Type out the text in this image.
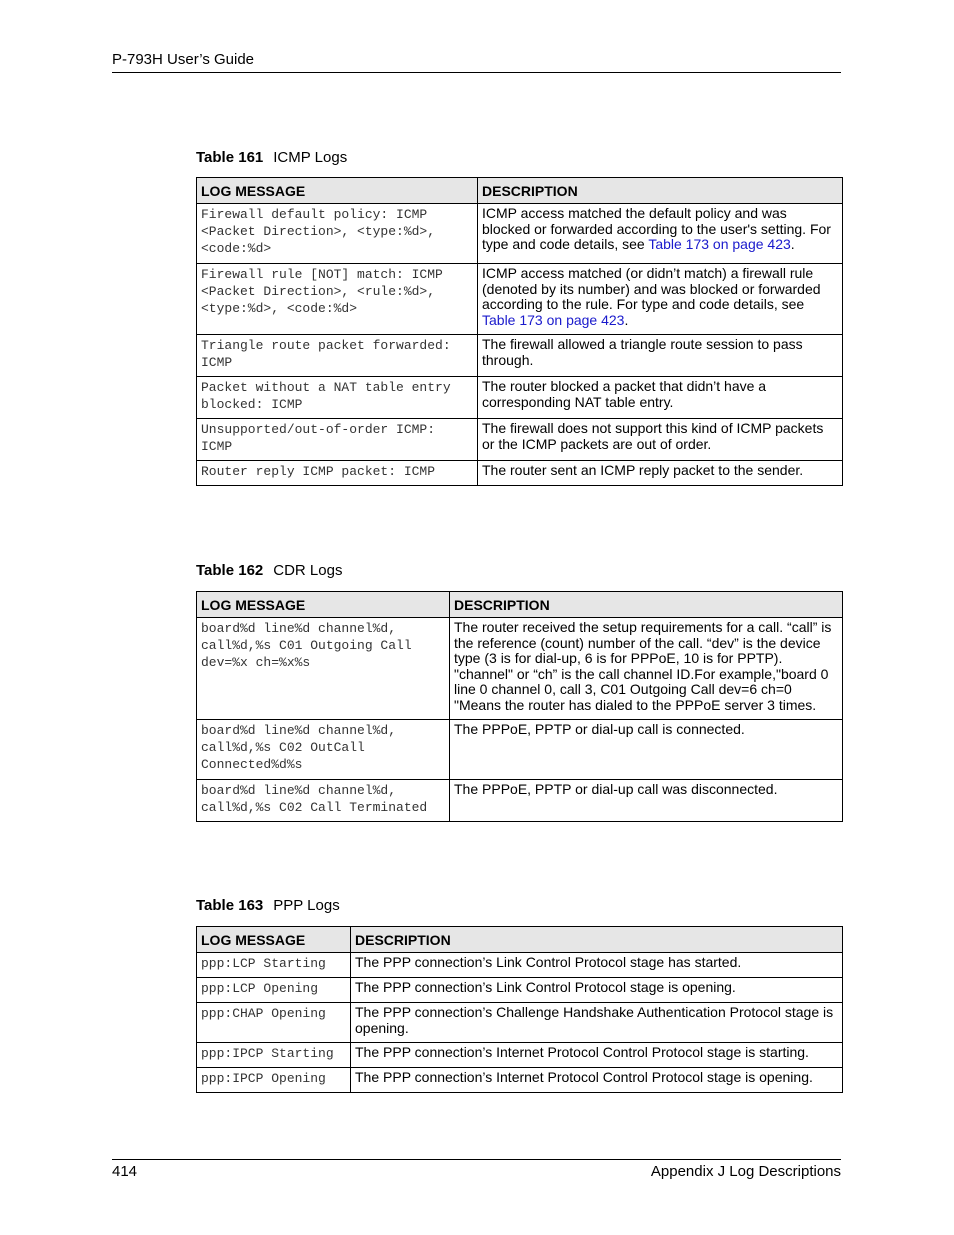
P-793H User’s Guide
Table 161 ICMP Logs
LOG MESSAGE	DESCRIPTION
Firewall default policy: ICMP <Packet Direction>, <type:%d>, <code:%d>	ICMP access matched the default policy and was blocked or forwarded according to the user's setting. For type and code details, see Table 173 on page 423.
Firewall rule [NOT] match: ICMP <Packet Direction>, <rule:%d>, <type:%d>, <code:%d>	ICMP access matched (or didn’t match) a firewall rule (denoted by its number) and was blocked or forwarded according to the rule. For type and code details, see Table 173 on page 423.
Triangle route packet forwarded: ICMP	The firewall allowed a triangle route session to pass through.
Packet without a NAT table entry blocked: ICMP	The router blocked a packet that didn’t have a corresponding NAT table entry.
Unsupported/out-of-order ICMP: ICMP	The firewall does not support this kind of ICMP packets or the ICMP packets are out of order.
Router reply ICMP packet: ICMP	The router sent an ICMP reply packet to the sender.
Table 162 CDR Logs
LOG MESSAGE	DESCRIPTION
board%d line%d channel%d, call%d,%s C01 Outgoing Call dev=%x ch=%x%s	The router received the setup requirements for a call. “call” is the reference (count) number of the call. “dev” is the device type (3 is for dial-up, 6 is for PPPoE, 10 is for PPTP). "channel" or “ch” is the call channel ID.For example,"board 0 line 0 channel 0, call 3, C01 Outgoing Call dev=6 ch=0 "Means the router has dialed to the PPPoE server 3 times.
board%d line%d channel%d, call%d,%s C02 OutCall Connected%d%s	The PPPoE, PPTP or dial-up call is connected.
board%d line%d channel%d, call%d,%s C02 Call Terminated	The PPPoE, PPTP or dial-up call was disconnected.
Table 163 PPP Logs
LOG MESSAGE	DESCRIPTION
ppp:LCP Starting	The PPP connection’s Link Control Protocol stage has started.
ppp:LCP Opening	The PPP connection’s Link Control Protocol stage is opening.
ppp:CHAP Opening	The PPP connection’s Challenge Handshake Authentication Protocol stage is opening.
ppp:IPCP Starting	The PPP connection’s Internet Protocol Control Protocol stage is starting.
ppp:IPCP Opening	The PPP connection’s Internet Protocol Control Protocol stage is opening.
414	Appendix J Log Descriptions
